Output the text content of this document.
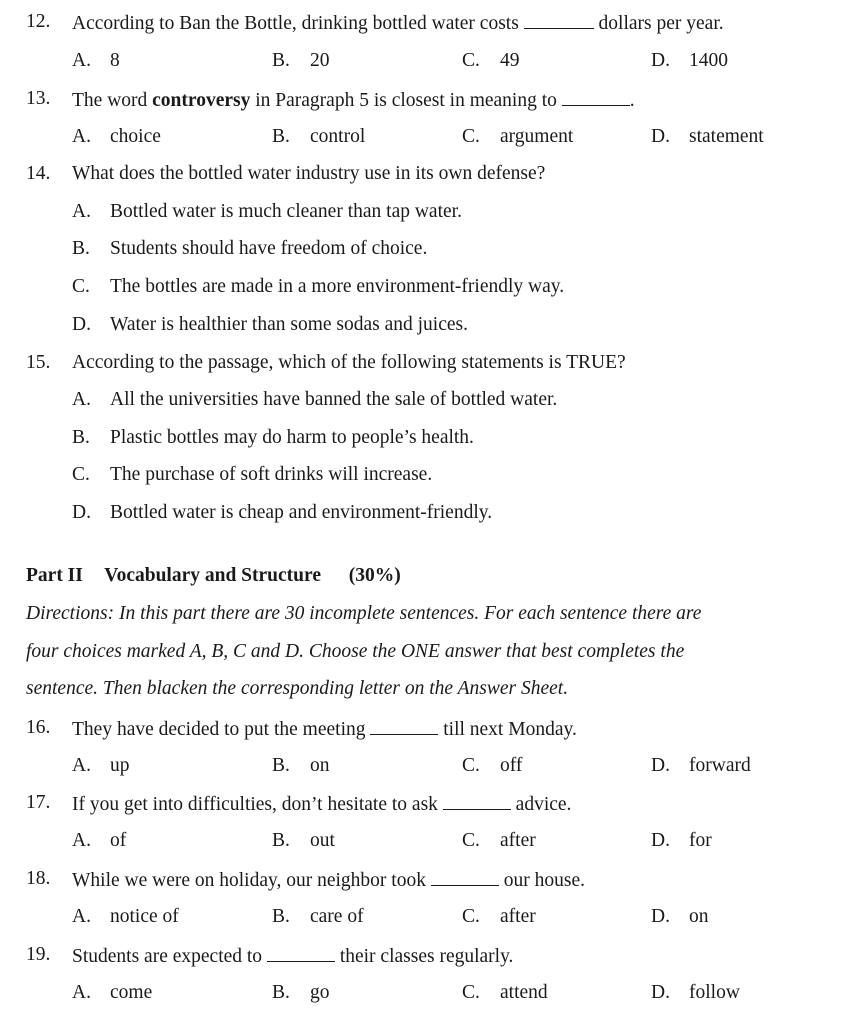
12. According to Ban the Bottle, drinking bottled water costs	dollars per year.
A. 8	B. 20	C. 49	D. 1400
13. The word controversy in Paragraph 5 is closest in meaning to	.
A. choice	B. control	C. argument	D. statement
14. What does the bottled water industry use in its own defense?
A. Bottled water is much cleaner than tap water.
B. Students should have freedom of choice.
C. The bottles are made in a more environment-friendly way.
D. Water is healthier than some sodas and juices.
15. According to the passage, which of the following statements is TRUE?
A. All the universities have banned the sale of bottled water.
B. Plastic bottles may do harm to people’s health.
C. The purchase of soft drinks will increase.
D. Bottled water is cheap and environment-friendly.
Part II Vocabulary and Structure (30%)
Directions: In this part there are 30 incomplete sentences. For each sentence there are
four choices marked A, B, C and D. Choose the ONE answer that best completes the
sentence. Then blacken the corresponding letter on the Answer Sheet.
16. They have decided to put the meeting	till next Monday.
A. up	B. on	C. off	D. forward
17. If you get into difficulties, don’t hesitate to ask	advice.
A. of	B. out	C. after	D. for
18. While we were on holiday, our neighbor took	our house.
A. notice of	B. care of	C. after	D. on
19. Students are expected to	their classes regularly.
A. come	B. go	C. attend	D. follow
